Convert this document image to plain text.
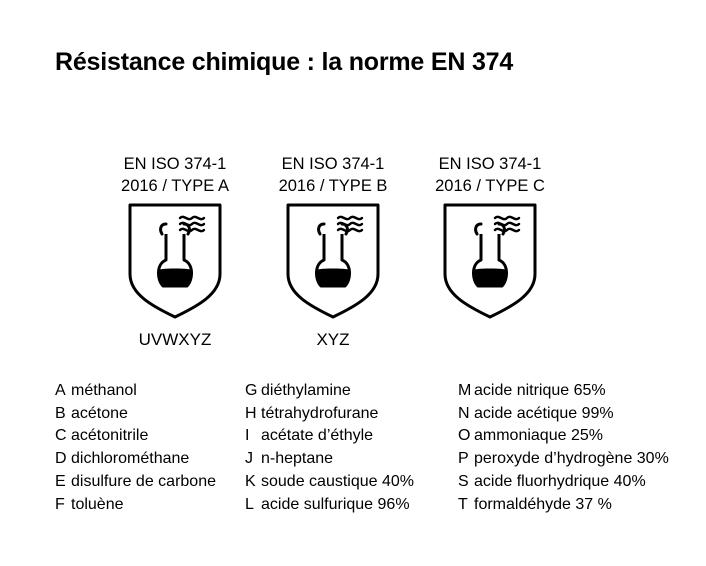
Résistance chimique : la norme EN 374
EN ISO 374-1
2016 / TYPE A
UVWXYZ
EN ISO 374-1
2016 / TYPE B
XYZ
EN ISO 374-1
2016 / TYPE C
A méthanol
B acétone
C acétonitrile
D dichlorométhane
E disulfure de carbone
F toluène
G diéthylamine
H tétrahydrofurane
I acétate d’éthyle
J n-heptane
K soude caustique 40%
L acide sulfurique 96%
M acide nitrique 65%
N acide acétique 99%
O ammoniaque 25%
P peroxyde d’hydrogène 30%
S acide fluorhydrique 40%
T formaldéhyde 37 %
